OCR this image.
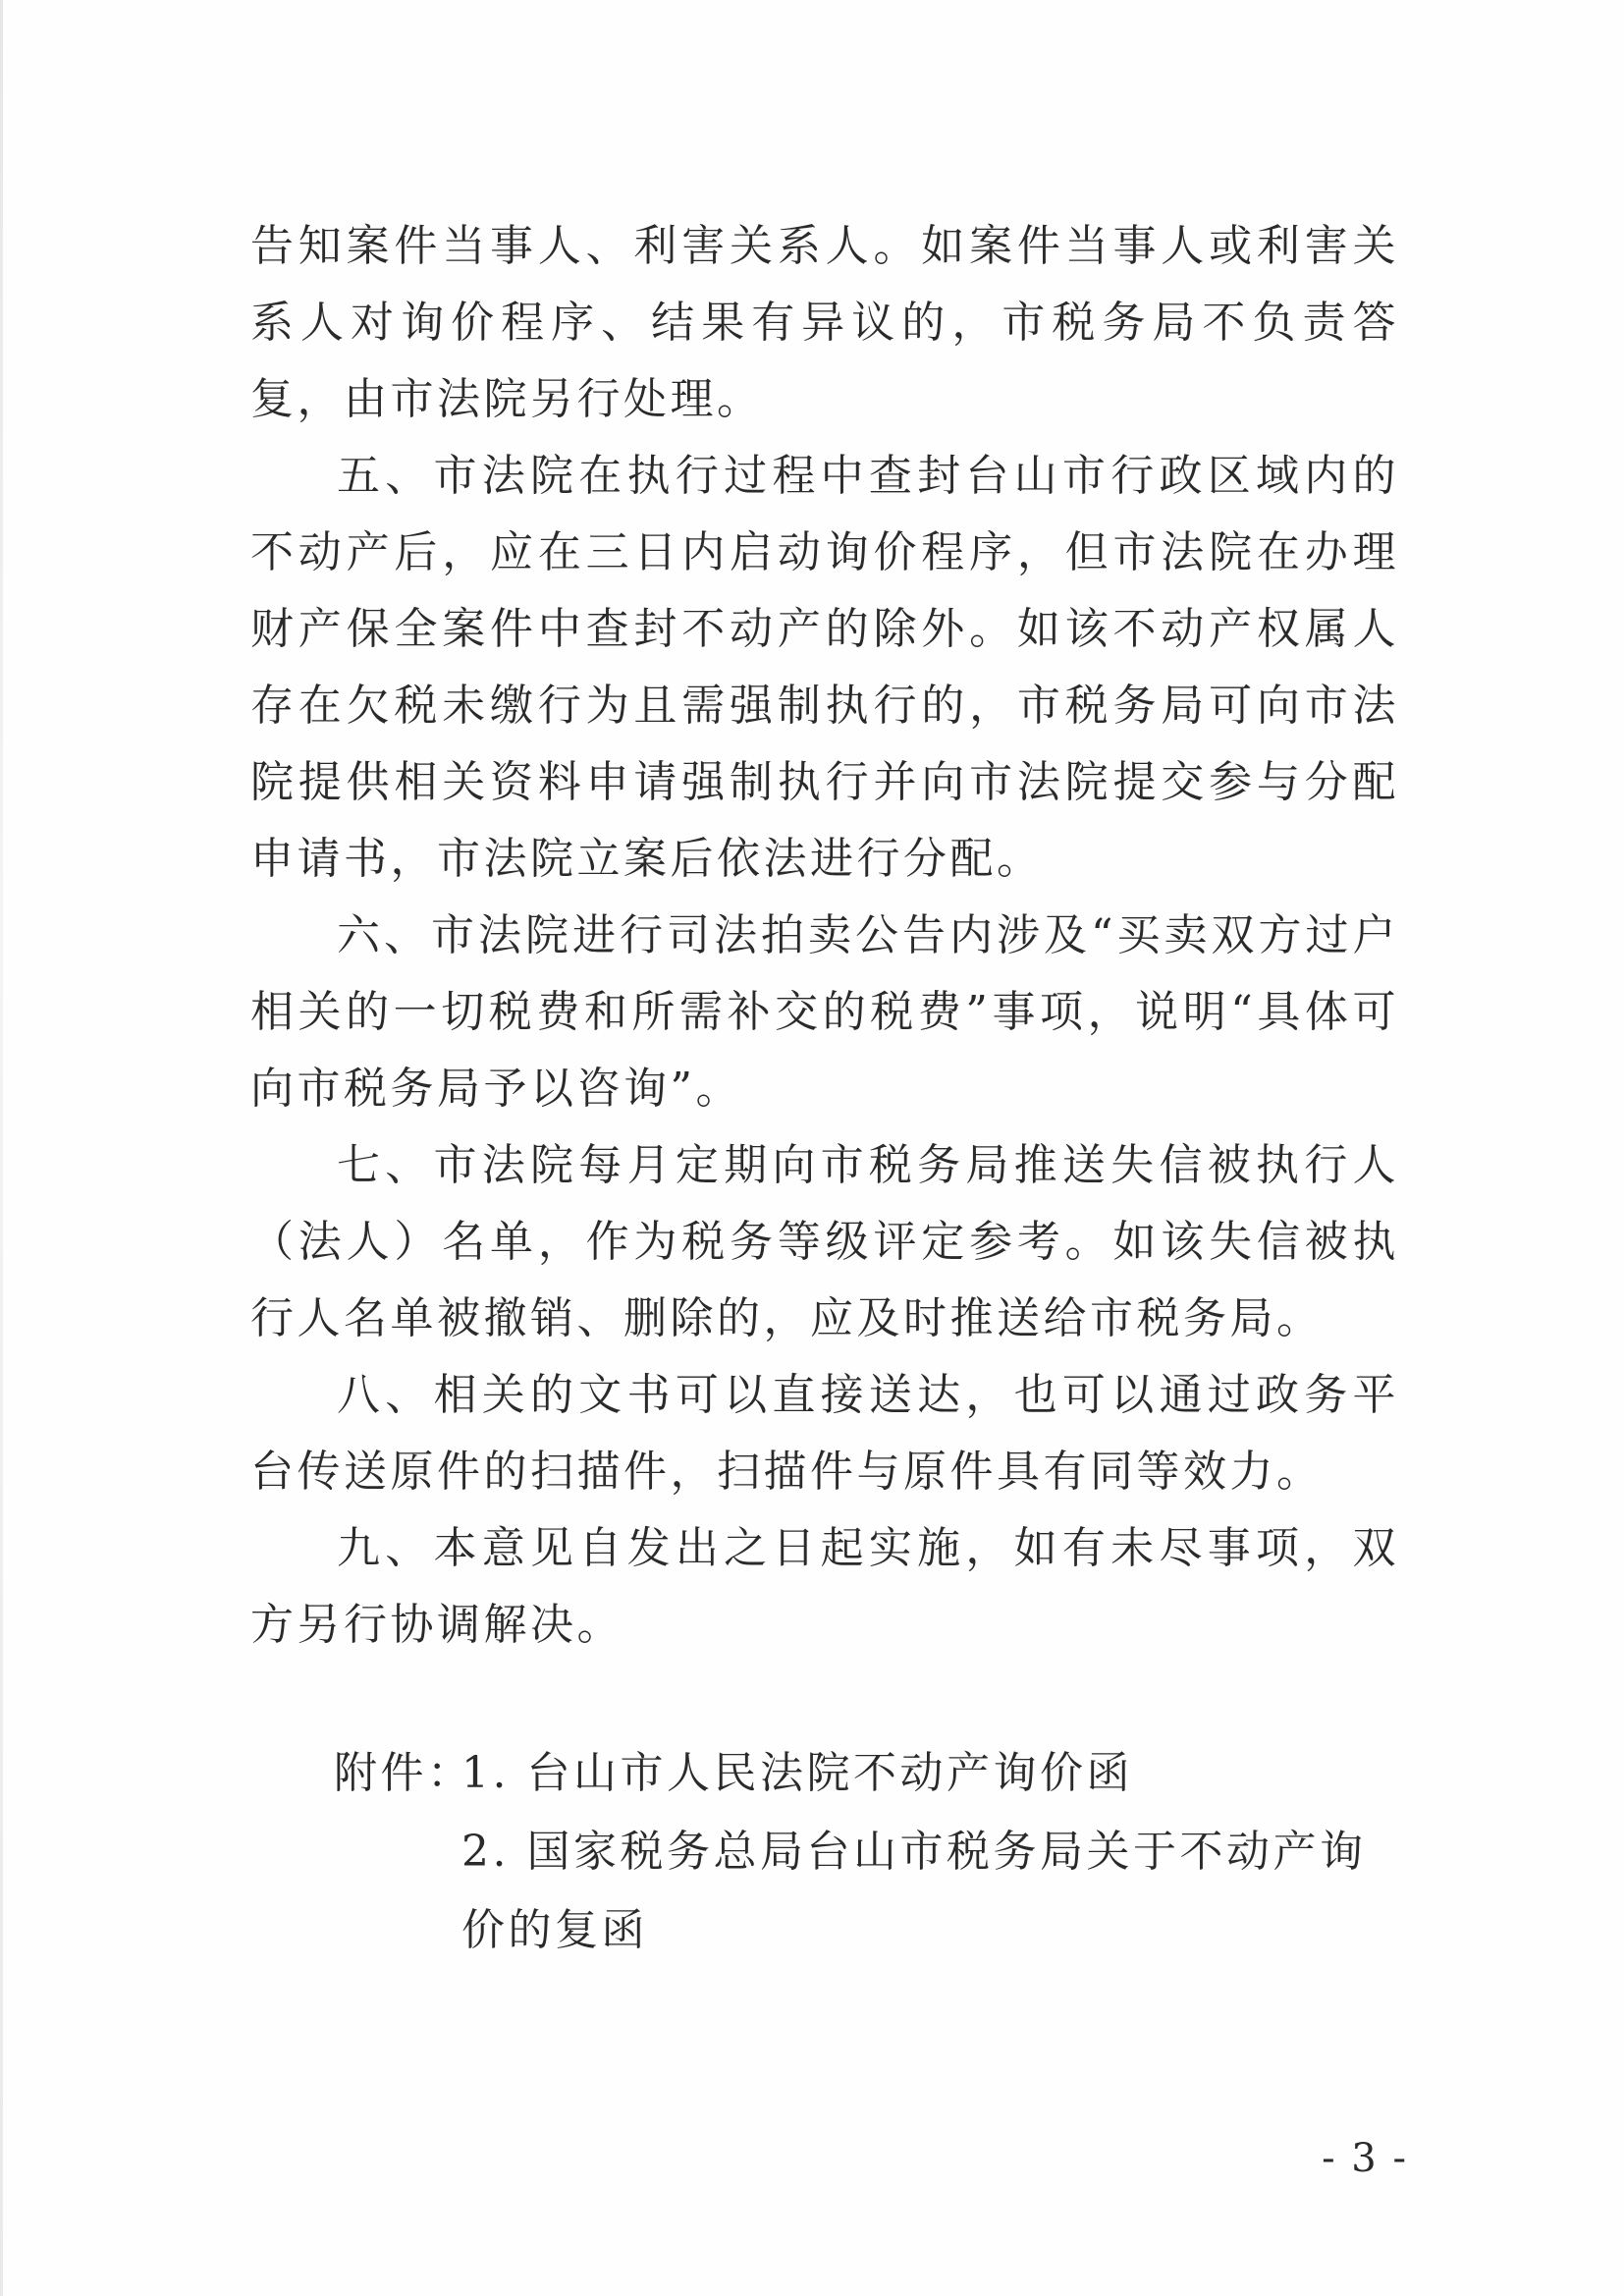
告知案件当事人、利害关系人。如案件当事人或利害关系人对询价程序、结果有异议的，市税务局不负责答复，由市法院另行处理。

五、市法院在执行过程中查封台山市行政区域内的不动产后，应在三日内启动询价程序，但市法院在办理财产保全案件中查封不动产的除外。如该不动产权属人存在欠税未缴行为且需强制执行的，市税务局可向市法院提供相关资料申请强制执行并向市法院提交参与分配申请书，市法院立案后依法进行分配。

六、市法院进行司法拍卖公告内涉及“买卖双方过户相关的一切税费和所需补交的税费”事项，说明“具体可向市税务局予以咨询”。

七、市法院每月定期向市税务局推送失信被执行人（法人）名单，作为税务等级评定参考。如该失信被执行人名单被撤销、删除的，应及时推送给市税务局。

八、相关的文书可以直接送达，也可以通过政务平台传送原件的扫描件，扫描件与原件具有同等效力。

九、本意见自发出之日起实施，如有未尽事项，双方另行协调解决。

附件：

1. 台山市人民法院不动产询价函

2. 国家税务总局台山市税务局关于不动产询价的复函

- 3 -
